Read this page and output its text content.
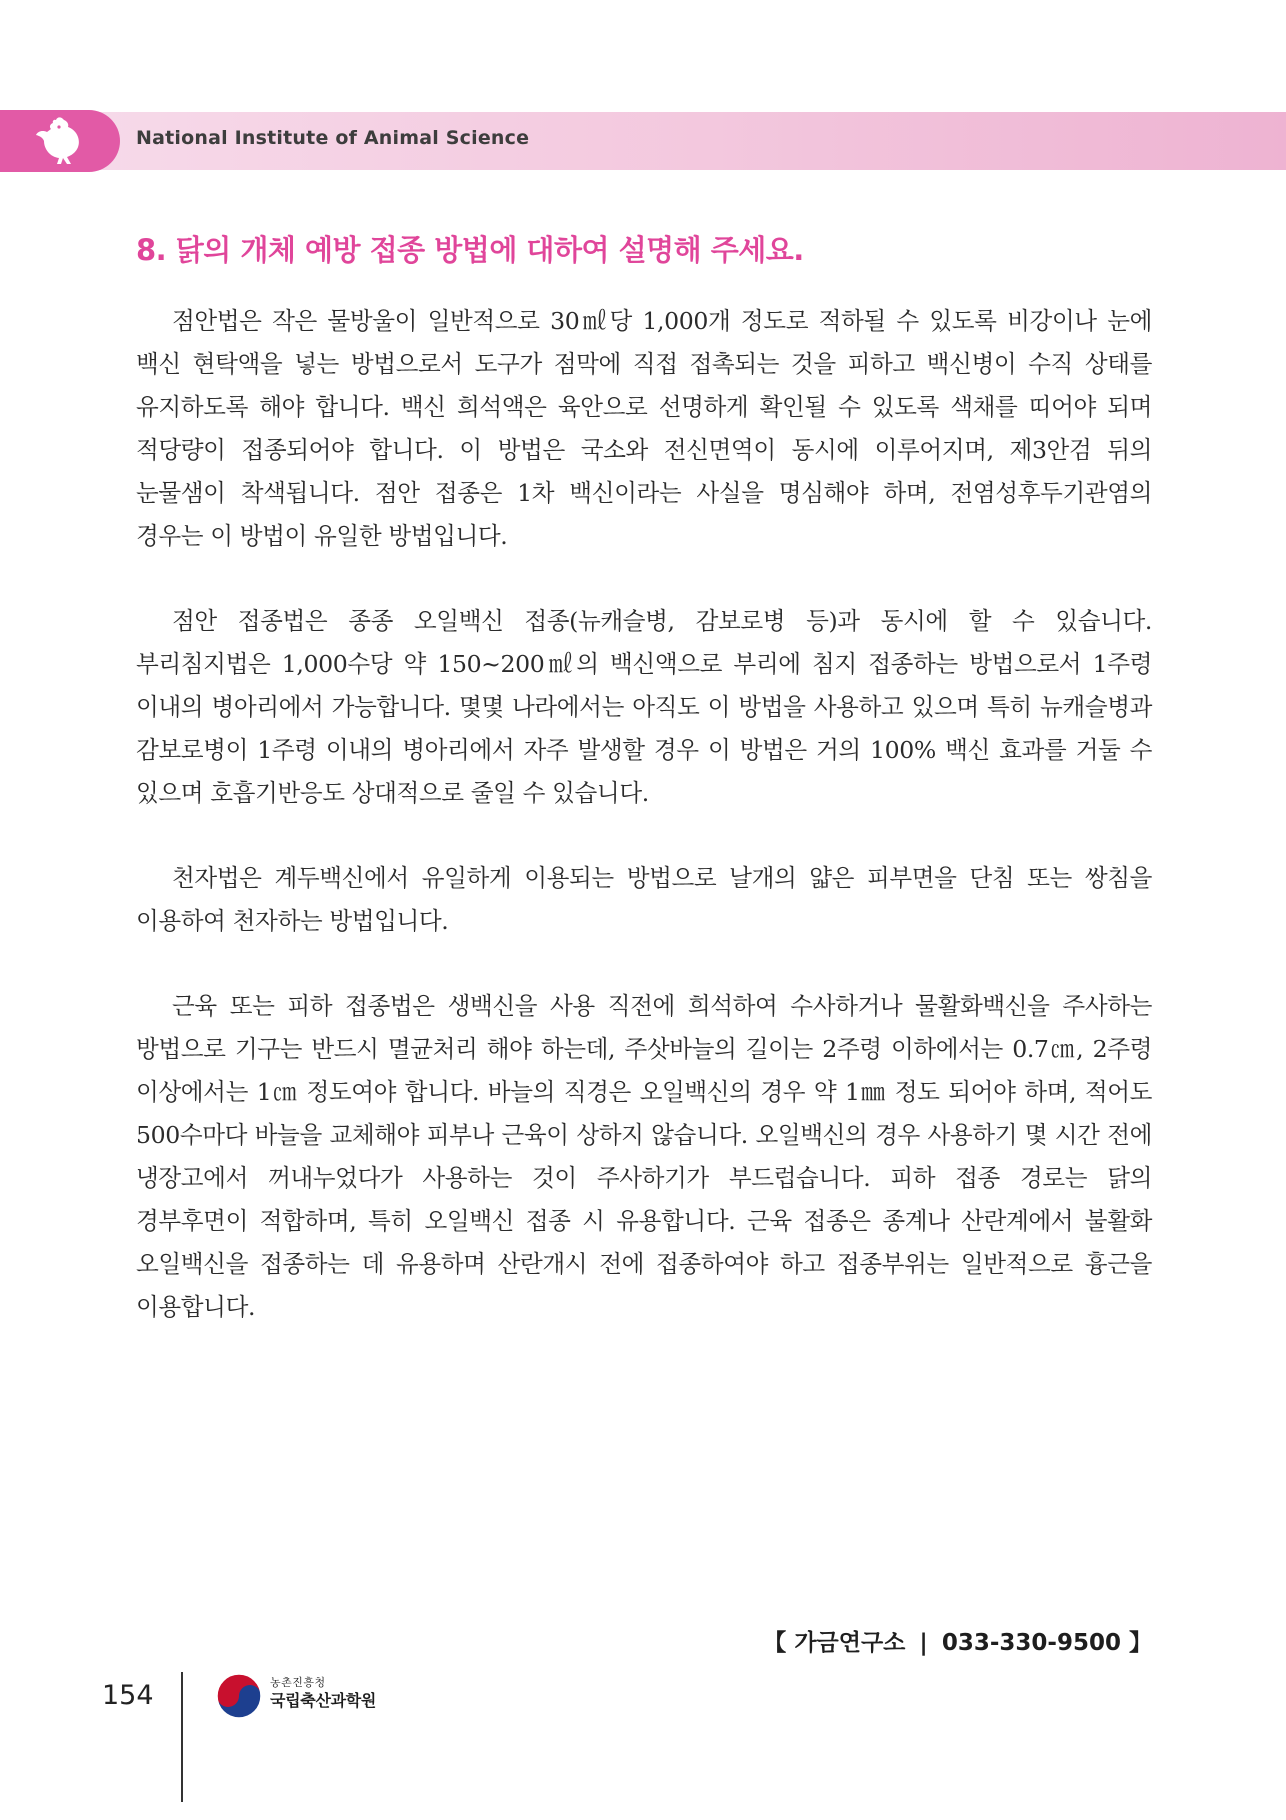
National Institute of Animal Science
8. 닭의 개체 예방 접종 방법에 대하여 설명해 주세요.

점안법은 작은 물방울이 일반적으로 30㎖당 1,000개 정도로 적하될 수 있도록 비강이나 눈에 백신 현탁액을 넣는 방법으로서 도구가 점막에 직접 접촉되는 것을 피하고 백신병이 수직 상태를 유지하도록 해야 합니다. 백신 희석액은 육안으로 선명하게 확인될 수 있도록 색채를 띠어야 되며 적당량이 접종되어야 합니다. 이 방법은 국소와 전신면역이 동시에 이루어지며, 제3안검 뒤의 눈물샘이 착색됩니다. 점안 접종은 1차 백신이라는 사실을 명심해야 하며, 전염성후두기관염의 경우는 이 방법이 유일한 방법입니다.

점안 접종법은 종종 오일백신 접종(뉴캐슬병, 감보로병 등)과 동시에 할 수 있습니다. 부리침지법은 1,000수당 약 150~200㎖의 백신액으로 부리에 침지 접종하는 방법으로서 1주령 이내의 병아리에서 가능합니다. 몇몇 나라에서는 아직도 이 방법을 사용하고 있으며 특히 뉴캐슬병과 감보로병이 1주령 이내의 병아리에서 자주 발생할 경우 이 방법은 거의 100% 백신 효과를 거둘 수 있으며 호흡기반응도 상대적으로 줄일 수 있습니다.

천자법은 계두백신에서 유일하게 이용되는 방법으로 날개의 얇은 피부면을 단침 또는 쌍침을 이용하여 천자하는 방법입니다.

근육 또는 피하 접종법은 생백신을 사용 직전에 희석하여 수사하거나 물활화백신을 주사하는 방법으로 기구는 반드시 멸균처리 해야 하는데, 주삿바늘의 길이는 2주령 이하에서는 0.7㎝, 2주령 이상에서는 1㎝ 정도여야 합니다. 바늘의 직경은 오일백신의 경우 약 1㎜ 정도 되어야 하며, 적어도 500수마다 바늘을 교체해야 피부나 근육이 상하지 않습니다. 오일백신의 경우 사용하기 몇 시간 전에 냉장고에서 꺼내누었다가 사용하는 것이 주사하기가 부드럽습니다. 피하 접종 경로는 닭의 경부후면이 적합하며, 특히 오일백신 접종 시 유용합니다. 근육 접종은 종계나 산란계에서 불활화 오일백신을 접종하는 데 유용하며 산란개시 전에 접종하여야 하고 접종부위는 일반적으로 흉근을 이용합니다.

【 가금연구소 | 033-330-9500 】
154	농촌진흥청
국립축산과학원
